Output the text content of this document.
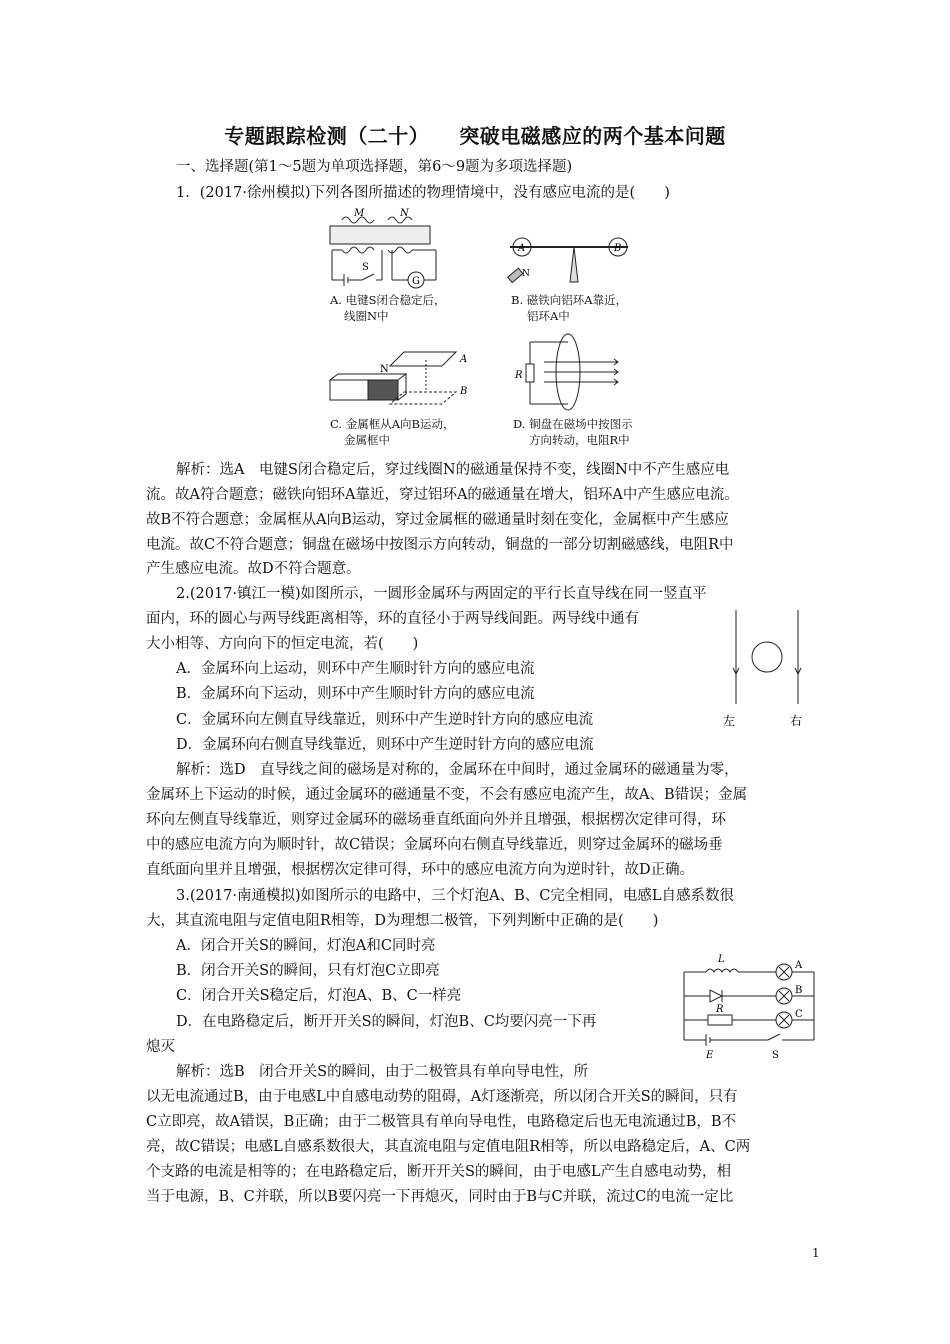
专题跟踪检测（二十） 突破电磁感应的两个基本问题
一、选择题(第1～5题为单项选择题，第6～9题为多项选择题)
1．(2017·徐州模拟)下列各图所描述的物理情境中，没有感应电流的是(　　)
M	N
S
G
A. 电键S闭合稳定后，
线圈N中
A	B
N
B. 磁铁向铝环A靠近，
铝环A中
N
A
B
C. 金属框从A向B运动，
金属框中
R
D. 铜盘在磁场中按图示
方向转动，电阻R中
解析：选A　电键S闭合稳定后，穿过线圈N的磁通量保持不变，线圈N中不产生感应电
流。故A符合题意；磁铁向铝环A靠近，穿过铝环A的磁通量在增大，铝环A中产生感应电流。
故B不符合题意；金属框从A向B运动，穿过金属框的磁通量时刻在变化，金属框中产生感应
电流。故C不符合题意；铜盘在磁场中按图示方向转动，铜盘的一部分切割磁感线，电阻R中
产生感应电流。故D不符合题意。
2.(2017·镇江一模)如图所示，一圆形金属环与两固定的平行长直导线在同一竖直平
面内，环的圆心与两导线距离相等，环的直径小于两导线间距。两导线中通有
大小相等、方向向下的恒定电流，若(　　)
A．金属环向上运动，则环中产生顺时针方向的感应电流
B．金属环向下运动，则环中产生顺时针方向的感应电流
C．金属环向左侧直导线靠近，则环中产生逆时针方向的感应电流
D．金属环向右侧直导线靠近，则环中产生逆时针方向的感应电流
左	右
解析：选D　直导线之间的磁场是对称的，金属环在中间时，通过金属环的磁通量为零，
金属环上下运动的时候，通过金属环的磁通量不变，不会有感应电流产生，故A、B错误；金属
环向左侧直导线靠近，则穿过金属环的磁场垂直纸面向外并且增强，根据楞次定律可得，环
中的感应电流方向为顺时针，故C错误；金属环向右侧直导线靠近，则穿过金属环的磁场垂
直纸面向里并且增强，根据楞次定律可得，环中的感应电流方向为逆时针，故D正确。
3.(2017·南通模拟)如图所示的电路中，三个灯泡A、B、C完全相同，电感L自感系数很
大，其直流电阻与定值电阻R相等，D为理想二极管，下列判断中正确的是(　　)
A．闭合开关S的瞬间，灯泡A和C同时亮
B．闭合开关S的瞬间，只有灯泡C立即亮
C．闭合开关S稳定后，灯泡A、B、C一样亮
D．在电路稳定后，断开开关S的瞬间，灯泡B、C均要闪亮一下再
熄灭
L
A
B
C
R
E	S
解析：选B　闭合开关S的瞬间，由于二极管具有单向导电性，所
以无电流通过B，由于电感L中自感电动势的阻碍，A灯逐渐亮，所以闭合开关S的瞬间，只有
C立即亮，故A错误，B正确；由于二极管具有单向导电性，电路稳定后也无电流通过B，B不
亮，故C错误；电感L自感系数很大，其直流电阻与定值电阻R相等，所以电路稳定后，A、C两
个支路的电流是相等的；在电路稳定后，断开开关S的瞬间，由于电感L产生自感电动势，相
当于电源，B、C并联，所以B要闪亮一下再熄灭，同时由于B与C并联，流过C的电流一定比
1
